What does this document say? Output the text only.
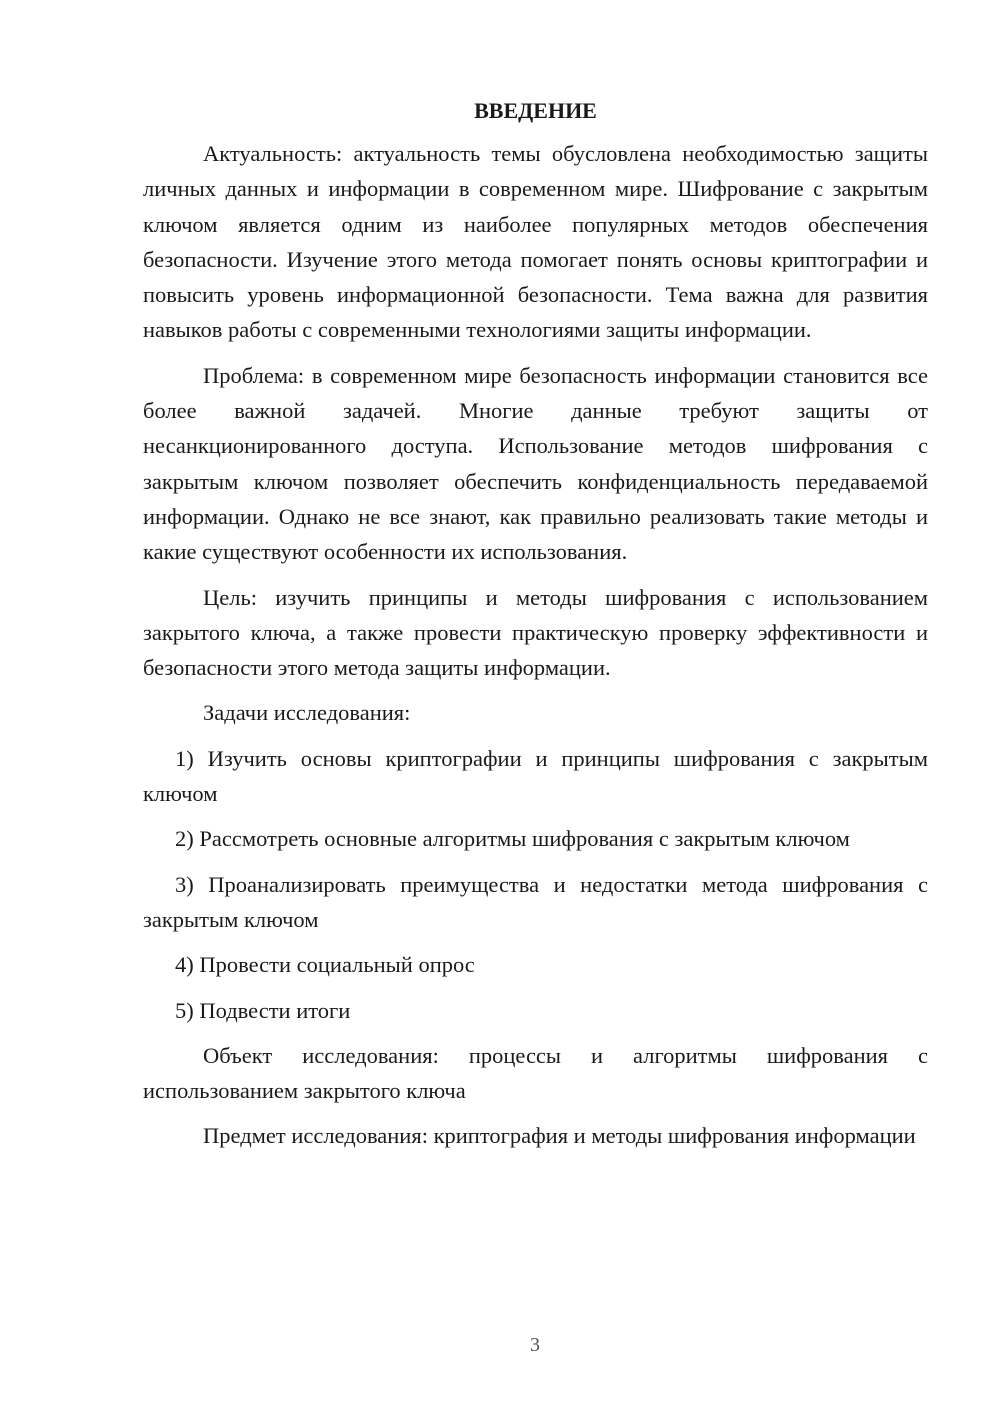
ВВЕДЕНИЕ

Актуальность: актуальность темы обусловлена необходимостью защиты личных данных и информации в современном мире. Шифрование с закрытым ключом является одним из наиболее популярных методов обеспечения безопасности. Изучение этого метода помогает понять основы криптографии и повысить уровень информационной безопасности. Тема важна для развития навыков работы с современными технологиями защиты информации.

Проблема: в современном мире безопасность информации становится все более важной задачей. Многие данные требуют защиты от несанкционированного доступа. Использование методов шифрования с закрытым ключом позволяет обеспечить конфиденциальность передаваемой информации. Однако не все знают, как правильно реализовать такие методы и какие существуют особенности их использования.

Цель: изучить принципы и методы шифрования с использованием закрытого ключа, а также провести практическую проверку эффективности и безопасности этого метода защиты информации.

Задачи исследования:

1) Изучить основы криптографии и принципы шифрования с закрытым ключом

2) Рассмотреть основные алгоритмы шифрования с закрытым ключом

3) Проанализировать преимущества и недостатки метода шифрования с закрытым ключом

4) Провести социальный опрос

5) Подвести итоги

Объект исследования: процессы и алгоритмы шифрования с использованием закрытого ключа

Предмет исследования: криптография и методы шифрования информации

3
